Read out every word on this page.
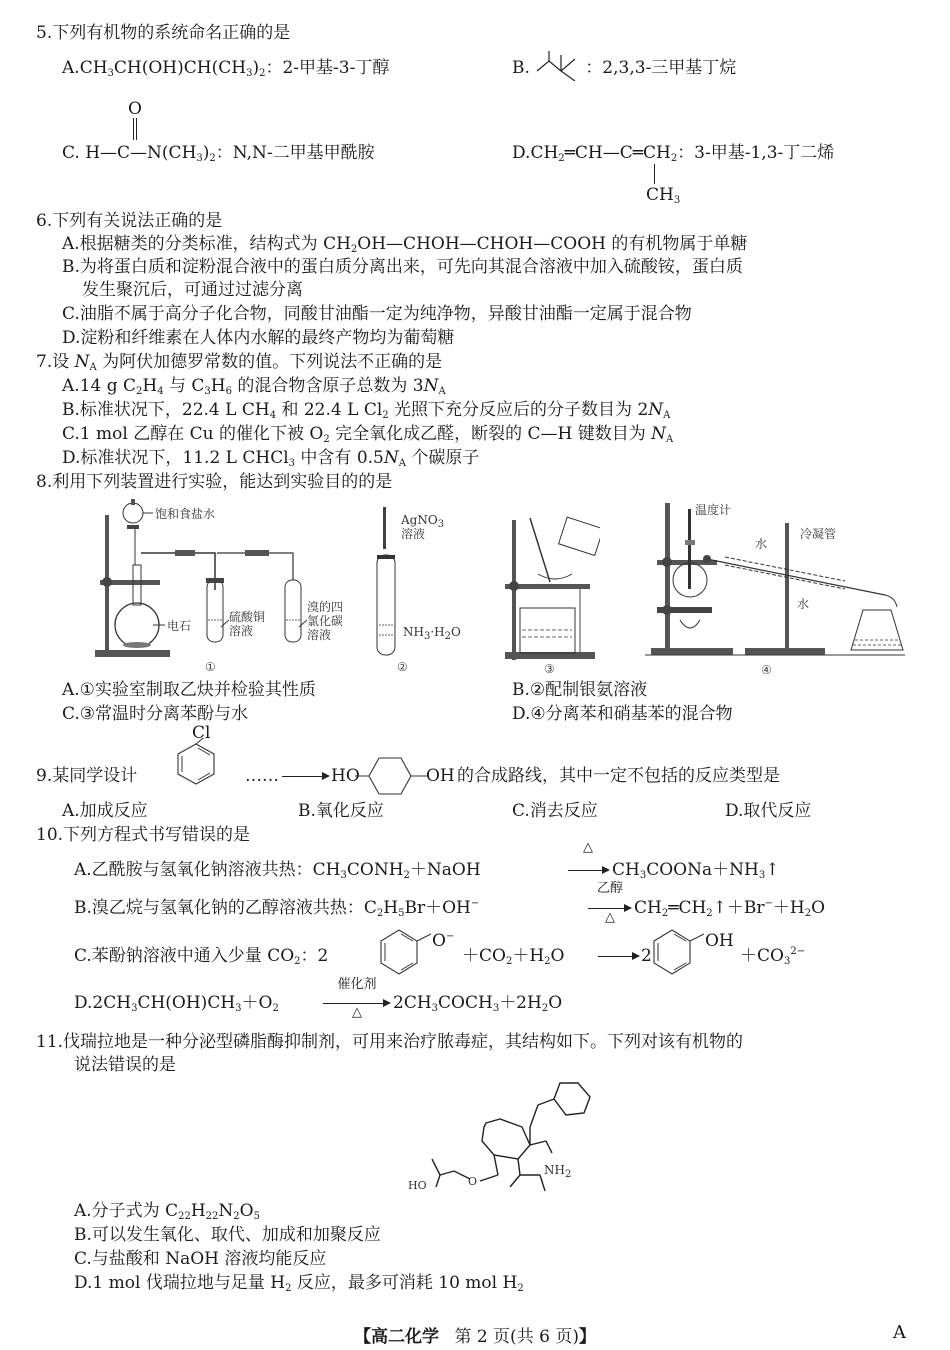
5.下列有机物的系统命名正确的是
$A.CH_3CH(OH)CH(CH_3)_2$：2-甲基-3-丁醇	B.	：2,3,3-三甲基丁烷
O
C. $H—C—N(CH_3)_2$：N,N-二甲基甲酰胺	$D.CH_2═CH—C═CH_2$：3-甲基-1,3-丁二烯
$CH_3$
6.下列有关说法正确的是
A.根据糖类的分类标准，结构式为 $CH_2OH—CHOH—CHOH—COOH$ 的有机物属于单糖
B.为将蛋白质和淀粉混合液中的蛋白质分离出来，可先向其混合溶液中加入硫酸铵，蛋白质
发生聚沉后，可通过过滤分离
C.油脂不属于高分子化合物，同酸甘油酯一定为纯净物，异酸甘油酯一定属于混合物
D.淀粉和纤维素在人体内水解的最终产物均为葡萄糖
7.设 $N_A$ 为阿伏加德罗常数的值。下列说法不正确的是
A.14 g $C_2H_4$ 与 $C_3H_6$ 的混合物含原子总数为 $3N_A$
B.标准状况下，22.4 L $CH_4$ 和 22.4 L $Cl_2$ 光照下充分反应后的分子数目为 $2N_A$
C.1 mol 乙醇在 Cu 的催化下被 $O_2$ 完全氧化成乙醛，断裂的 C—H 键数目为 $N_A$
D.标准状况下，11.2 L CHCl$_3$ 中含有 $0.5N_A$ 个碳原子
8.利用下列装置进行实验，能达到实验目的的是
饱和食盐水
电石
硫酸铜溶液
溴的四氯化碳溶液
①
AgNO$_3$溶液
$NH_3\cdot H_2O$
②	③
温度计
冷凝管
水
水
④
A.①实验室制取乙炔并检验其性质	B.②配制银氨溶液
C.③常温时分离苯酚与水	D.④分离苯和硝基苯的混合物
9.某同学设计
Cl
……	HO	OH 的合成路线，其中一定不包括的反应类型是
A.加成反应	B.氧化反应	C.消去反应	D.取代反应
10.下列方程式书写错误的是
A.乙酰胺与氢氧化钠溶液共热：$CH_3CONH_2+NaOH$
△
$CH_3COONa+NH_3↑$
B.溴乙烷与氢氧化钠的乙醇溶液共热：$C_2H_5Br+OH^-$
乙醇
△	$CH_2═CH_2↑+Br^-+H_2O$
C.苯酚钠溶液中通入少量 $CO_2$：2
O−
$+CO_2+H_2O$	2
OH
$+CO_3^{2-}$
$D.2CH_3CH(OH)CH_3+O_2$
催化剂
△	$2CH_3COCH_3+2H_2O$
11.伐瑞拉地是一种分泌型磷脂酶抑制剂，可用来治疗脓毒症，其结构如下。下列对该有机物的
说法错误的是
$NH_2$
HO	O
A.分子式为 $C_{22}H_{22}N_2O_5$
B.可以发生氧化、取代、加成和加聚反应
C.与盐酸和 NaOH 溶液均能反应
D.1 mol 伐瑞拉地与足量 $H_2$ 反应，最多可消耗 10 mol $H_2$
【高二化学 第 2 页(共 6 页)】	A
